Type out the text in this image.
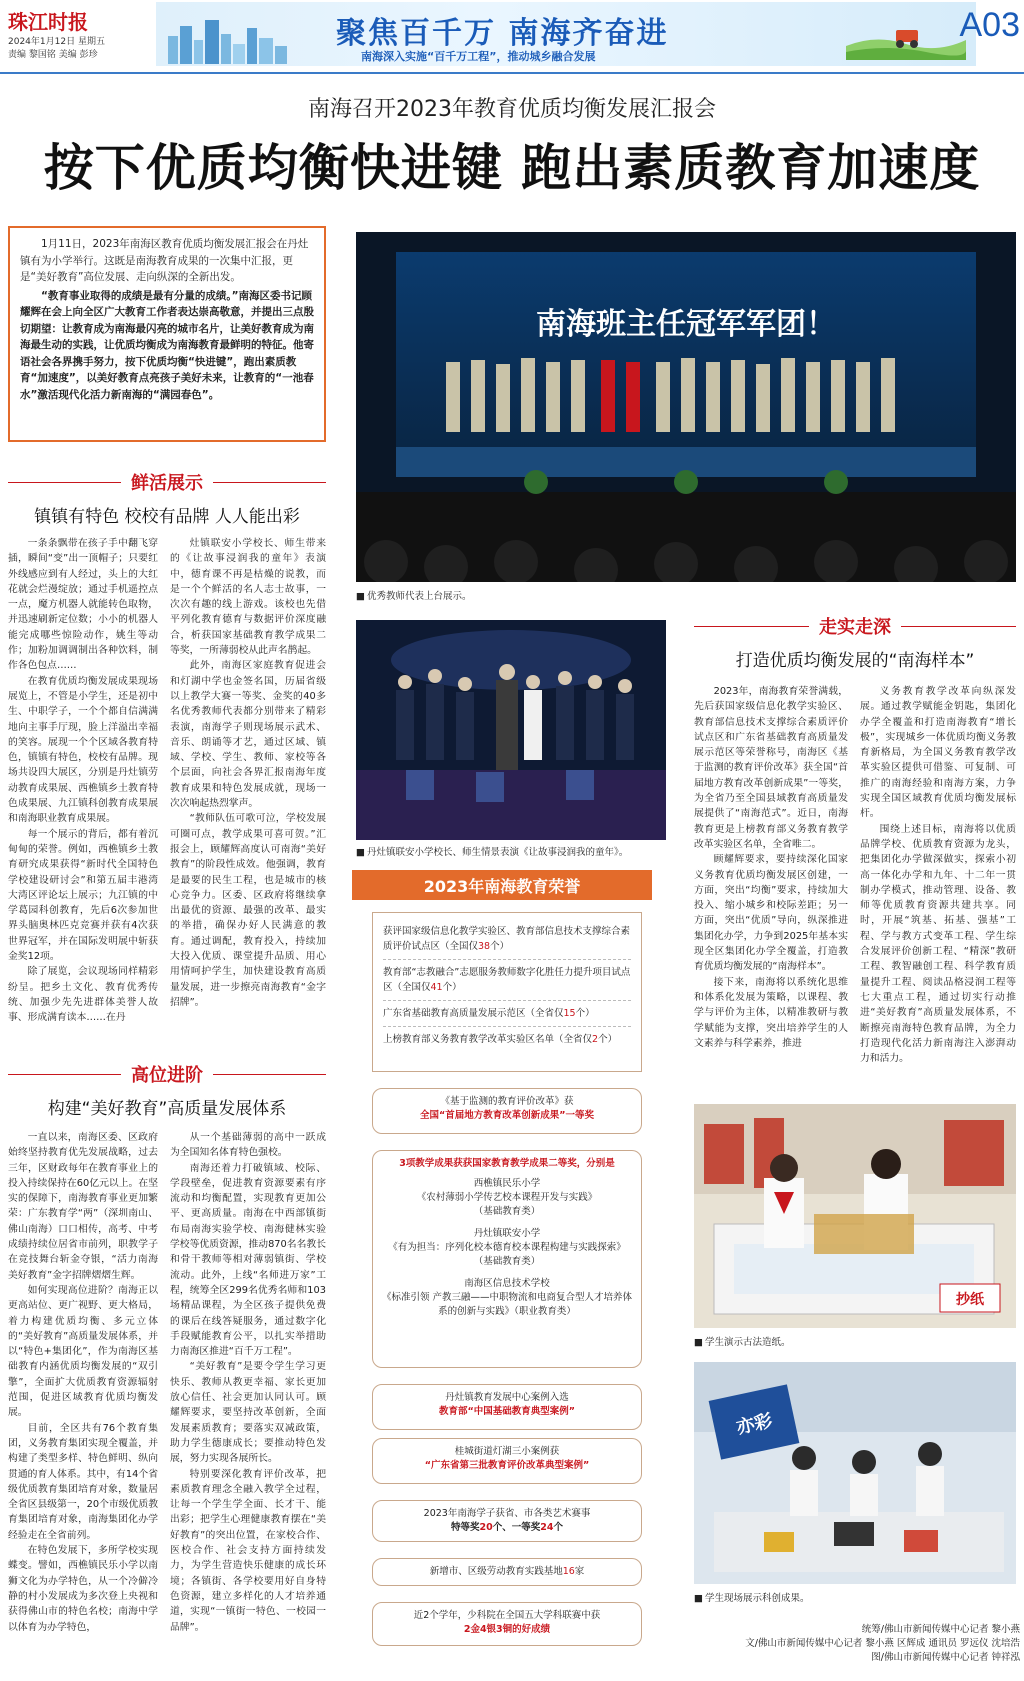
珠江时报
2024年1月12日 星期五
责编 黎国铭 美编 彭珍
聚焦百千万 南海齐奋进
南海深入实施“百千万工程”，推动城乡融合发展
A03
南海召开2023年教育优质均衡发展汇报会
按下优质均衡快进键 跑出素质教育加速度

1月11日，2023年南海区教育优质均衡发展汇报会在丹灶镇有为小学举行。这既是南海教育成果的一次集中汇报，更是“美好教育”高位发展、走向纵深的全新出发。

“教育事业取得的成绩是最有分量的成绩。”南海区委书记顾耀辉在会上向全区广大教育工作者表达崇高敬意，并提出三点殷切期望：让教育成为南海最闪亮的城市名片，让美好教育成为南海最生动的实践，让优质均衡成为南海教育最鲜明的特征。他寄语社会各界携手努力，按下优质均衡“快进键”，跑出素质教育“加速度”，以美好教育点亮孩子美好未来，让教育的“一池春水”激活现代化活力新南海的“满园春色”。

南海班主任冠军军团！
■ 优秀教师代表上台展示。
鲜活展示
镇镇有特色 校校有品牌 人人能出彩

一条条飘带在孩子手中翻飞穿插，瞬间“变”出一顶帽子；只要红外线感应到有人经过，头上的大红花就会烂漫绽放；通过手机遥控点一点，魔方机器人就能转色取物，并迅速刷新定位数；小小的机器人能完成哪些惊险动作，姚生等动作；加粉加调调制出各种饮料，制作各色包点……

在教育优质均衡发展成果现场展览上，不管是小学生，还是初中生、中职学子，一个个都自信满满地向主事手厅现，脸上洋溢出幸福的笑容。展现一个个区域各教育特色，镇镇有特色，校校有品牌。现场共设四大展区，分别是丹灶镇劳动教育成果展、西樵镇乡土教育特色成果展、九江镇科创教育成果展和南海职业教育成果展。

每一个展示的背后，都有着沉甸甸的荣誉。例如，西樵镇乡土教育研究成果获得“新时代全国特色学校建设研讨会”和第五届丰港湾大湾区评论坛上展示；九江镇的中学葛园科创教育，先后6次参加世界头脑奥林匹克竞赛并获有4次获世界冠军，并在国际发明展中斩获金奖12项。

除了展览，会议现场同样精彩纷呈。把乡土文化、教育优秀传统、加强少先先进群体美誉人故事、形成满育读本……在丹

灶镇联安小学校长、师生带来的《让故事浸润我的童年》表演中，德育课不再是枯燥的说教，而是一个个鲜活的名人志士故事，一次次有趣的线上游戏。该校也先借平列化教育德育与数据评价深度融合，析获国家基础教育教学成果二等奖，一所薄弱校从此声名鹊起。

此外，南海区家庭教育促进会和灯湖中学也金签名国，历届省级以上教学大赛一等奖、金奖的40多名优秀教师代表都分别带来了精彩表演，南海学子则现场展示武术、音乐、朗诵等才艺，通过区域、镇域、学校、学生、教师、家校等各个层面，向社会各界汇报南海年度教育成果和特色发展成就，现场一次次响起热烈掌声。

“教师队伍可歌可泣，学校发展可圈可点，教学成果可喜可贺。”汇报会上，顾耀辉高度认可南海“美好教育”的阶段性成效。他强调，教育是最要的民生工程，也是城市的核心竞争力。区委、区政府将继续拿出最优的资源、最强的改革、最实的举措，确保办好人民满意的教育。通过调配，教育投入，持续加大投入优质、课堂提升品质、用心用情呵护学生，加快建设教育高质量发展，进一步擦亮南海教育“金字招牌”。

■ 丹灶镇联安小学校长、师生情景表演《让故事浸润我的童年》。
2023年南海教育荣誉
获评国家级信息化教学实验区、教育部信息技术支撑综合素质评价试点区（全国仅38个）
教育部“志教融合”志愿服务教师数字化胜任力提升项目试点区（全国仅41个）
广东省基础教育高质量发展示范区（全省仅15个）
上榜教育部义务教育教学改革实验区名单（全省仅2个）
《基于监测的教育评价改革》获
全国“首届地方教育改革创新成果”一等奖
3项教学成果获获国家教育教学成果二等奖，分别是
西樵镇民乐小学
《农村薄弱小学传艺校本课程开发与实践》
（基础教育类）
丹灶镇联安小学
《有为担当：序列化校本德育校本课程构建与实践探索》
（基础教育类）
南海区信息技术学校
《标准引领 产教三融——中职物流和电商复合型人才培养体系的创新与实践》（职业教育类）
丹灶镇教育发展中心案例入选
教育部“中国基础教育典型案例”
桂城街道灯湖三小案例获
“广东省第三批教育评价改革典型案例”
2023年南海学子获省、市各类艺术赛事
特等奖20个、一等奖24个
新增市、区级劳动教育实践基地16家
近2个学年，少科院在全国五大学科联赛中获
2金4银3铜的好成绩
高位进阶
构建“美好教育”高质量发展体系

一直以来，南海区委、区政府始终坚持教育优先发展战略，过去三年，区财政每年在教育事业上的投入持续保持在60亿元以上。在坚实的保障下，南海教育事业更加繁荣：广东教育学“两”（深圳南山、佛山南海）口口相传，高考、中考成绩持续位居省市前列，职教学子在竞技舞台斩金夺银，“活力南海 美好教育”金字招牌熠熠生辉。

如何实现高位进阶？南海正以更高站位、更广视野、更大格局，着力构建优质均衡、多元立体的“美好教育”高质量发展体系，并以“特色+集团化”，作为南海区基础教育内涵优质均衡发展的“双引擎”，全面扩大优质教育资源辐射范围，促进区域教育优质均衡发展。

目前，全区共有76个教育集团，义务教育集团实现全覆盖，并构建了类型多样、特色鲜明、纵向贯通的育人体系。其中，有14个省级优质教育集团培育对象，数量居全省区县级第一，20个市级优质教育集团培育对象，南海集团化办学经验走在全省前列。

在特色发展下，多所学校实现蝶变。譬如，西樵镇民乐小学以南狮文化为办学特色，从一个冷僻冷静的村小发展成为多次登上央视和获得佛山市的特色名校；南海中学以体育为办学特色，

从一个基础薄弱的高中一跃成为全国知名体育特色强校。

南海还着力打破镇域、校际、学段壁垒，促进教育资源要素有序流动和均衡配置，实现教育更加公平、更高质量。南海在中西部镇街布局南海实验学校、南海健林实验学校等优质资源，推动870名名教长和骨干教师等相对薄弱镇街、学校流动。此外，上线“名师进万家”工程，统筹全区299名优秀名师和103场精品课程，为全区孩子提供免费的课后在线答疑服务，通过数字化手段赋能教育公平，以扎实举措助力南海区推进“百千万工程”。

“美好教育”是要令学生学习更快乐、教师从教更幸福、家长更加放心信任、社会更加认同认可。顾耀辉要求，要坚持改革创新，全面发展素质教育；要落实双减政策，助力学生德康成长；要推动特色发展，努力实现各展所长。

特别要深化教育评价改革，把素质教育理念全融入教学全过程，让每一个学生学全面、长才干、能出彩；把学生心理健康教育摆在“美好教育”的突出位置，在家校合作、医校合作、社会支持方面持续发力，为学生营造快乐健康的成长环境；各镇街、各学校要用好自身特色资源，建立多样化的人才培养通道，实现“一镇街一特色、一校园一品牌”。

走实走深
打造优质均衡发展的“南海样本”

2023年，南海教育荣誉满载，先后获国家级信息化教学实验区、教育部信息技术支撑综合素质评价试点区和广东省基础教育高质量发展示范区等荣誉称号，南海区《基于监测的教育评价改革》获全国“首届地方教育改革创新成果”一等奖，为全省乃至全国县域教育高质量发展提供了“南海范式”。近日，南海教育更是上榜教育部义务教育教学改革实验区名单，全省唯二。

顾耀辉要求，要持续深化国家义务教育优质均衡发展区创建，一方面，突出“均衡”要求，持续加大投入、缩小城乡和校际差距；另一方面，突出“优质”导向，纵深推进集团化办学，力争到2025年基本实现全区集团化办学全覆盖，打造教育优质均衡发展的“南海样本”。

接下来，南海将以系统化思维和体系化发展为策略，以课程、教学与评价为主体，以精准教研与教学赋能为支撑，突出培养学生的人文素养与科学素养，推进

义务教育教学改革向纵深发展。通过教学赋能金钥匙，集团化办学全覆盖和打造南海教育“增长极”，实现城乡一体优质均衡义务教育新格局，为全国义务教育教学改革实验区提供可借鉴、可复制、可推广的南海经验和南海方案，力争实现全国区域教育优质均衡发展标杆。

围绕上述目标，南海将以优质品牌学校、优质教育资源为龙头，把集团化办学做深做实，探索小初高一体化办学和九年、十二年一贯制办学模式，推动管理、设备、教师等优质教育资源共建共享。同时，开展“筑基、拓基、强基”工程、学与教方式变革工程、学生综合发展评价创新工程、“精深”教研工程、教智融创工程、科学教育质量提升工程、阅读品格浸润工程等七大重点工程，通过切实行动推进“美好教育”高质量发展体系，不断擦亮南海特色教育品牌，为全力打造现代化活力新南海注入澎湃动力和活力。

抄纸
■ 学生演示古法造纸。
亦彩
■ 学生现场展示科创成果。
统筹/佛山市新闻传媒中心记者 黎小燕
文/佛山市新闻传媒中心记者 黎小燕 区辉成 通讯员 罗远仪 沈培浩
图/佛山市新闻传媒中心记者 钟祥泓
